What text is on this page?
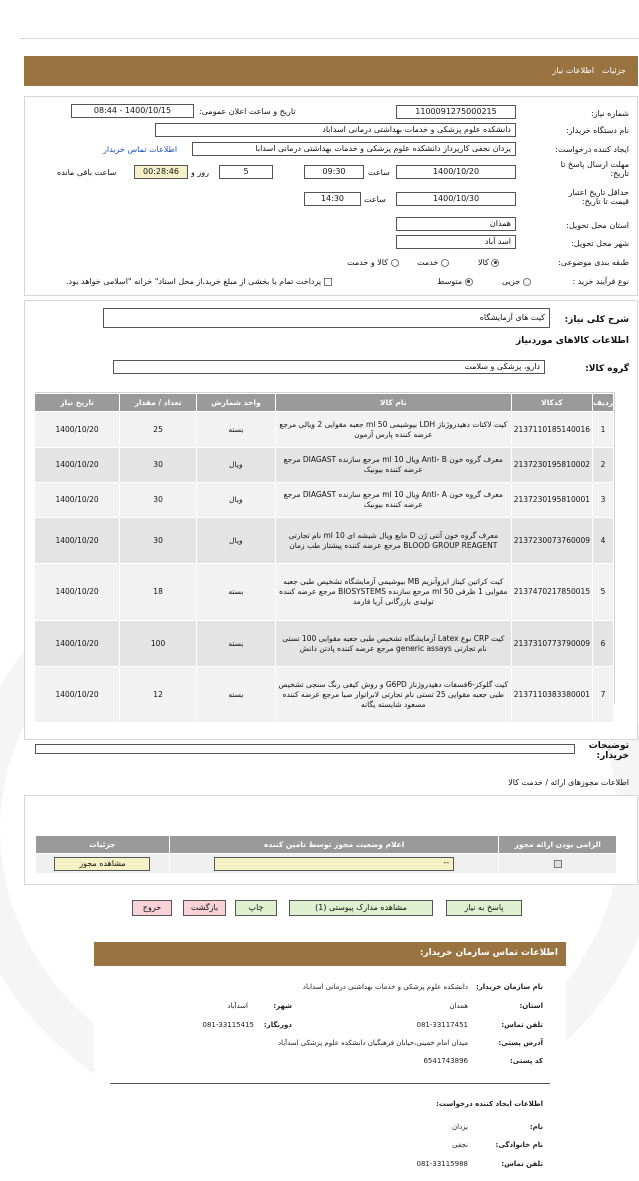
جزئیات
اطلاعات نیاز
شماره نیاز:
1100091275000215
تاریخ و ساعت اعلان عمومی:
1400/10/15 - 08:44
نام دستگاه خریدار:
دانشکده علوم پزشکی و خدمات بهداشتی درمانی اسداباد
ایجاد کننده درخواست:
یزدان نجفی کارپرداز دانشکده علوم پزشکی و خدمات بهداشتی درمانی اسدابا
اطلاعات تماس خریدار
مهلت ارسال پاسخ تا تاریخ:
1400/10/20
ساعت
09:30
5
روز و
00:28:46
ساعت باقی مانده
حداقل تاریخ اعتبار قیمت تا تاریخ:
1400/10/30
ساعت
14:30
استان محل تحویل:
همدان
شهر محل تحویل:
اسد آباد
طبقه بندی موضوعی:
کالا
خدمت
کالا و خدمت
نوع فرآیند خرید :
جزیی
متوسط
پرداخت تمام یا بخشی از مبلغ خرید،از محل اسناد" خزانه "اسلامی خواهد بود.
شرح کلی نیاز:
کیت های آزمایشگاه
اطلاعات کالاهای موردنیاز
گروه کالا:
دارو، پزشکی و سلامت
ردیف	کدکالا	نام کالا	واحد شمارش	تعداد / مقدار	تاریخ نیاز
1	2137110185140016	کیت لاکتات دهیدروژناز LDH بیوشیمی 50 ml جعبه مقوایی 2 ویالی مرجع عرضه کننده پارس آزمون	بسته	25	1400/10/20
2	2137230195810002	معرف گروه خون Anti- B ویال 10 ml مرجع سازنده DIAGAST مرجع عرضه کننده بیونیک	ویال	30	1400/10/20
3	2137230195810001	معرف گروه خون Anti- A ویال 10 ml مرجع سازنده DIAGAST مرجع عرضه کننده بیونیک	ویال	30	1400/10/20
4	2137230073760009	معرف گروه خون آنتی ژن D مایع ویال شیشه ای 10 ml نام تجارتی BLOOD GROUP REAGENT مرجع عرضه کننده پیشتاز طب زمان	ویال	30	1400/10/20
5	2137470217850015	کیت کراتین کیناز ایزوآنزیم MB بیوشیمی آزمایشگاه تشخیص طبی جعبه مقوایی 1 ظرفی 50 ml مرجع سازنده BIOSYSTEMS مرجع عرضه کننده تولیدی بازرگانی آریا فارمد	بسته	18	1400/10/20
6	2137310773790009	کیت CRP نوع Latex آزمایشگاه تشخیص طبی جعبه مقوایی 100 تستی نام تجارتی generic assays مرجع عرضه کننده پادتن دانش	بسته	100	1400/10/20
7	2137110383380001	کیت گلوکز-6فسفات دهیدروژناز G6PD و روش کیفی رنگ سنجی تشخیص طبی جعبه مقوایی 25 تستی نام تجارتی لابراتوار صبا مرجع عرضه کننده مسعود شایسته یگانه	بسته	12	1400/10/20
توضیحات خریدار:
اطلاعات مجوزهای ارائه / خدمت کالا
الزامی بودن ارائه مجوز	اعلام وضعیت مجوز توسط تامین کننده	جزئیات

	--	مشاهده مجوز
پاسخ به نیاز
مشاهده مدارک پیوستی (1)
چاپ
بازگشت
خروج
اطلاعات تماس سازمان خریدار:
نام سازمان خریدار:
دانشکده علوم پزشکی و خدمات بهداشتی درمانی اسداباد
استان:
همدان
شهر:
اسدآباد
تلفن تماس:
081-33117451
دورنگار:
081-33115415
آدرس پستی:
میدان امام خمینی،خیابان فرهنگیان دانشکده علوم پزشکی اسدآباد
کد پستی:
6541743896
اطلاعات ایجاد کننده درخواست:
نام:
یزدان
نام خانوادگی:
نجفی
تلفن تماس:
081-33115988
